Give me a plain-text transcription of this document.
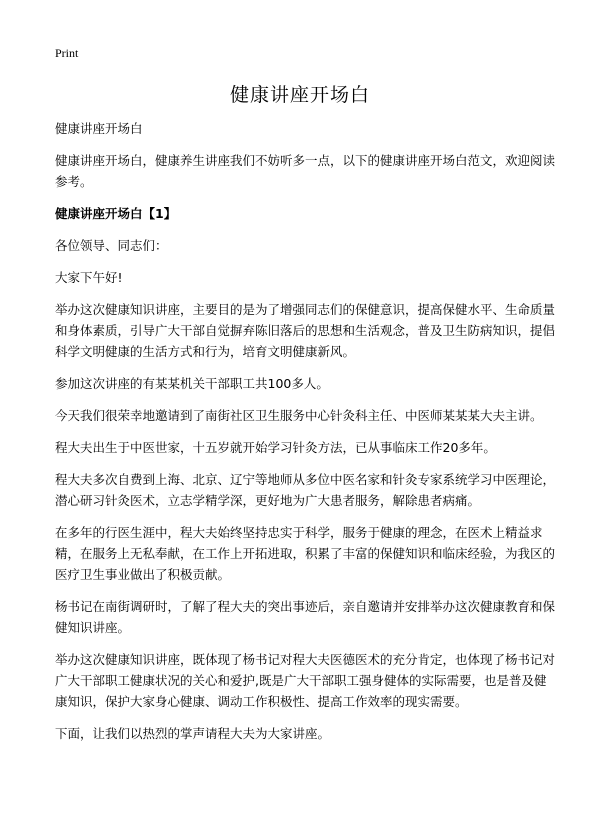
Print
健康讲座开场白

健康讲座开场白

健康讲座开场白，健康养生讲座我们不妨听多一点，以下的健康讲座开场白范文，欢迎阅读参考。

健康讲座开场白【1】

各位领导、同志们：

大家下午好!

举办这次健康知识讲座，主要目的是为了增强同志们的保健意识，提高保健水平、生命质量和身体素质，引导广大干部自觉摒弃陈旧落后的思想和生活观念，普及卫生防病知识，提倡科学文明健康的生活方式和行为，培育文明健康新风。

参加这次讲座的有某某机关干部职工共100多人。

今天我们很荣幸地邀请到了南街社区卫生服务中心针灸科主任、中医师某某某大夫主讲。

程大夫出生于中医世家，十五岁就开始学习针灸方法，已从事临床工作20多年。

程大夫多次自费到上海、北京、辽宁等地师从多位中医名家和针灸专家系统学习中医理论，潜心研习针灸医术，立志学精学深，更好地为广大患者服务，解除患者病痛。

在多年的行医生涯中，程大夫始终坚持忠实于科学，服务于健康的理念，在医术上精益求精，在服务上无私奉献，在工作上开拓进取，积累了丰富的保健知识和临床经验，为我区的医疗卫生事业做出了积极贡献。

杨书记在南街调研时，了解了程大夫的突出事迹后，亲自邀请并安排举办这次健康教育和保健知识讲座。

举办这次健康知识讲座，既体现了杨书记对程大夫医德医术的充分肯定，也体现了杨书记对广大干部职工健康状况的关心和爱护,既是广大干部职工强身健体的实际需要，也是普及健康知识，保护大家身心健康、调动工作积极性、提高工作效率的现实需要。

下面，让我们以热烈的掌声请程大夫为大家讲座。
